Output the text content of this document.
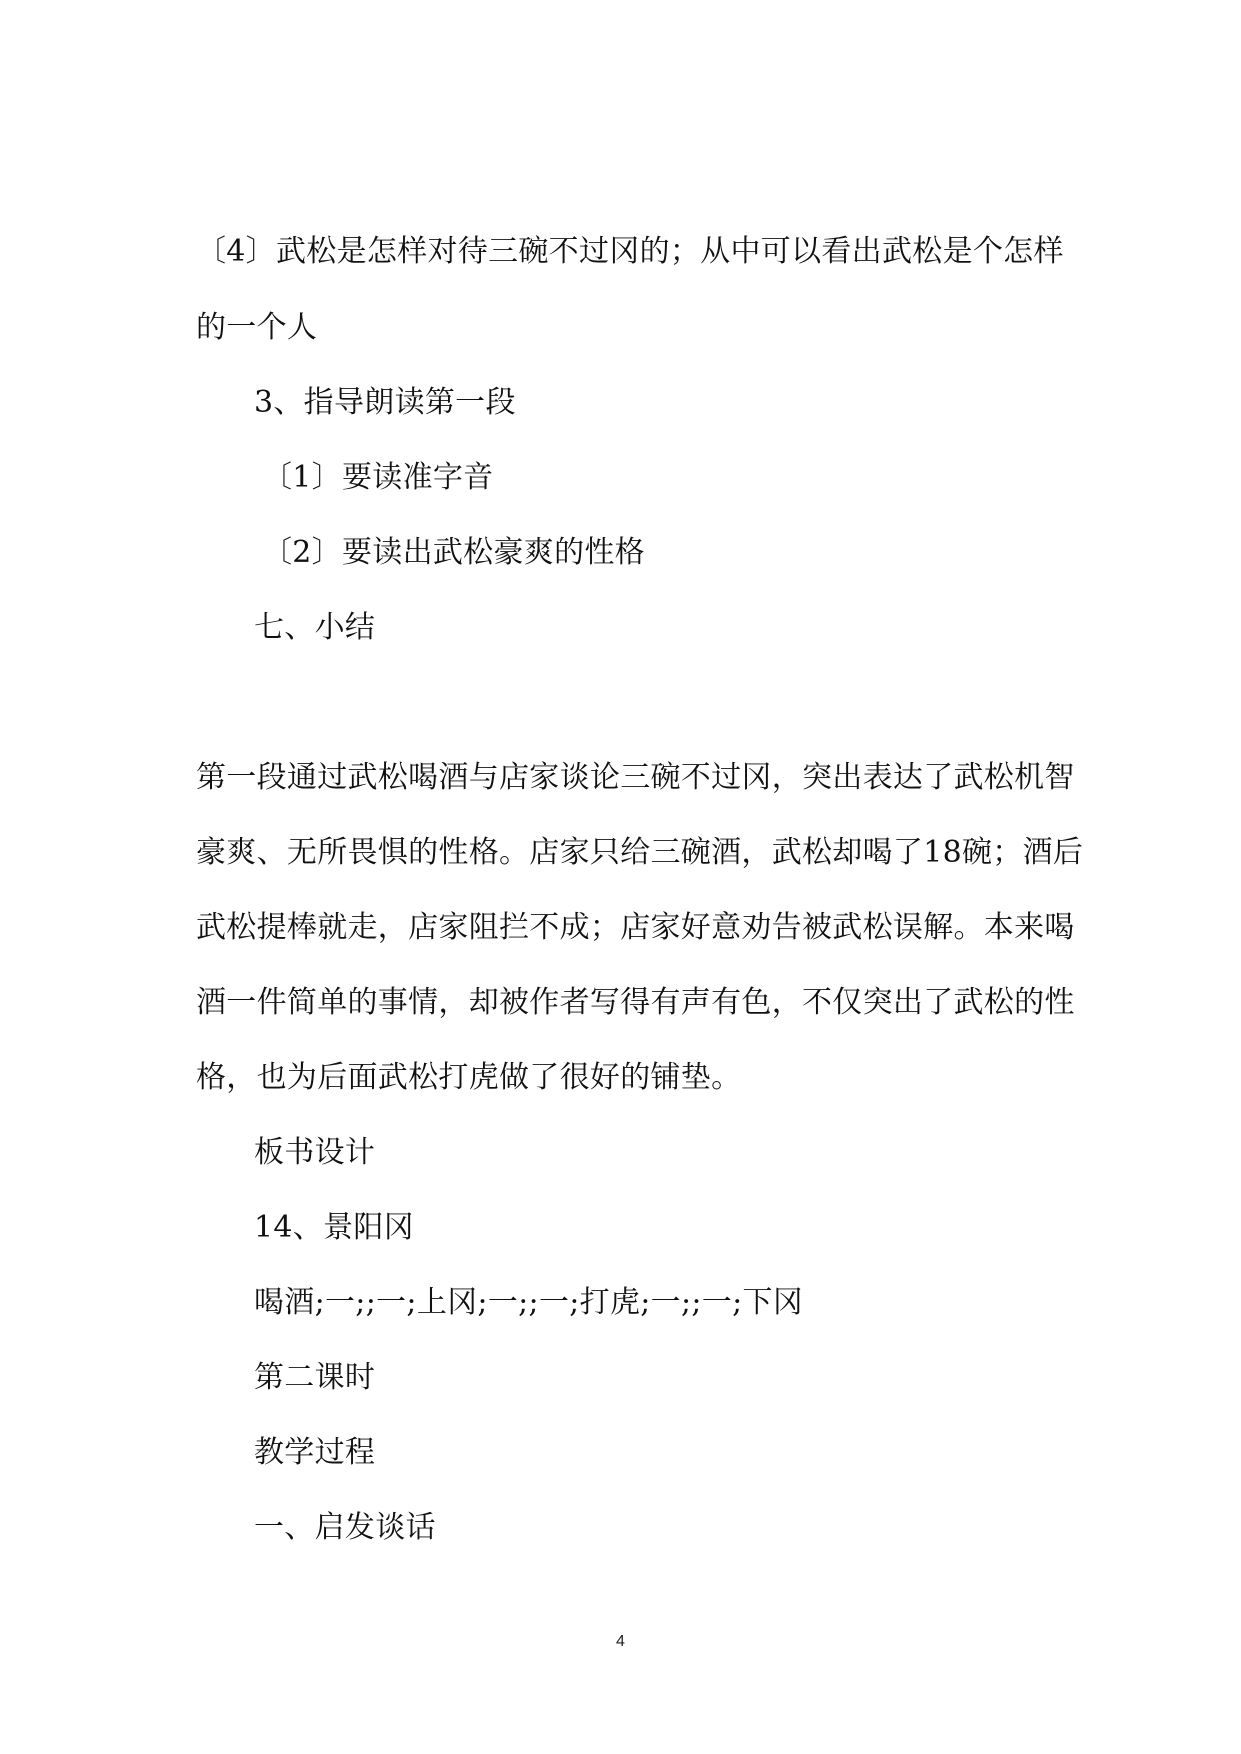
〔4〕武松是怎样对待三碗不过冈的；从中可以看出武松是个怎样
的一个人
3、指导朗读第一段
〔1〕要读准字音
〔2〕要读出武松豪爽的性格
七、小结
第一段通过武松喝酒与店家谈论三碗不过冈，突出表达了武松机智
豪爽、无所畏惧的性格。店家只给三碗酒，武松却喝了18碗；酒后
武松提棒就走，店家阻拦不成；店家好意劝告被武松误解。本来喝
酒一件简单的事情，却被作者写得有声有色，不仅突出了武松的性
格，也为后面武松打虎做了很好的铺垫。
板书设计
14、景阳冈
喝酒;一;;一;上冈;一;;一;打虎;一;;一;下冈
第二课时
教学过程
一、启发谈话
4
